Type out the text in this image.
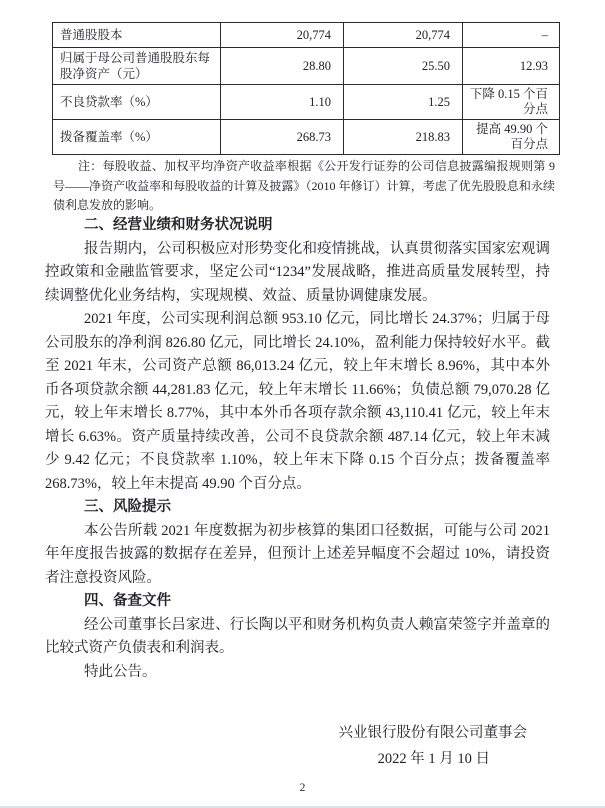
普通股股本	20,774	20,774	–
归属于母公司普通股股东每股净资产（元）	28.80	25.50	12.93
不良贷款率（%）	1.10	1.25	下降 0.15 个百分点
拨备覆盖率（%）	268.73	218.83	提高 49.90 个百分点

注：每股收益、加权平均净资产收益率根据《公开发行证券的公司信息披露编报规则第 9 号——净资产收益率和每股收益的计算及披露》（2010 年修订）计算，考虑了优先股股息和永续债利息发放的影响。

二、经营业绩和财务状况说明

报告期内，公司积极应对形势变化和疫情挑战，认真贯彻落实国家宏观调控政策和金融监管要求，坚定公司“1234”发展战略，推进高质量发展转型，持续调整优化业务结构，实现规模、效益、质量协调健康发展。

2021 年度，公司实现利润总额 953.10 亿元，同比增长 24.37%；归属于母公司股东的净利润 826.80 亿元，同比增长 24.10%，盈利能力保持较好水平。截至 2021 年末，公司资产总额 86,013.24 亿元，较上年末增长 8.96%，其中本外币各项贷款余额 44,281.83 亿元，较上年末增长 11.66%；负债总额 79,070.28 亿元，较上年末增长 8.77%，其中本外币各项存款余额 43,110.41 亿元，较上年末增长 6.63%。资产质量持续改善，公司不良贷款余额 487.14 亿元，较上年末减少 9.42 亿元；不良贷款率 1.10%，较上年末下降 0.15 个百分点；拨备覆盖率 268.73%，较上年末提高 49.90 个百分点。

三、风险提示

本公告所载 2021 年度数据为初步核算的集团口径数据，可能与公司 2021 年年度报告披露的数据存在差异，但预计上述差异幅度不会超过 10%，请投资者注意投资风险。

四、备查文件

经公司董事长吕家进、行长陶以平和财务机构负责人赖富荣签字并盖章的比较式资产负债表和利润表。

特此公告。

兴业银行股份有限公司董事会
2022 年 1 月 10 日
2
